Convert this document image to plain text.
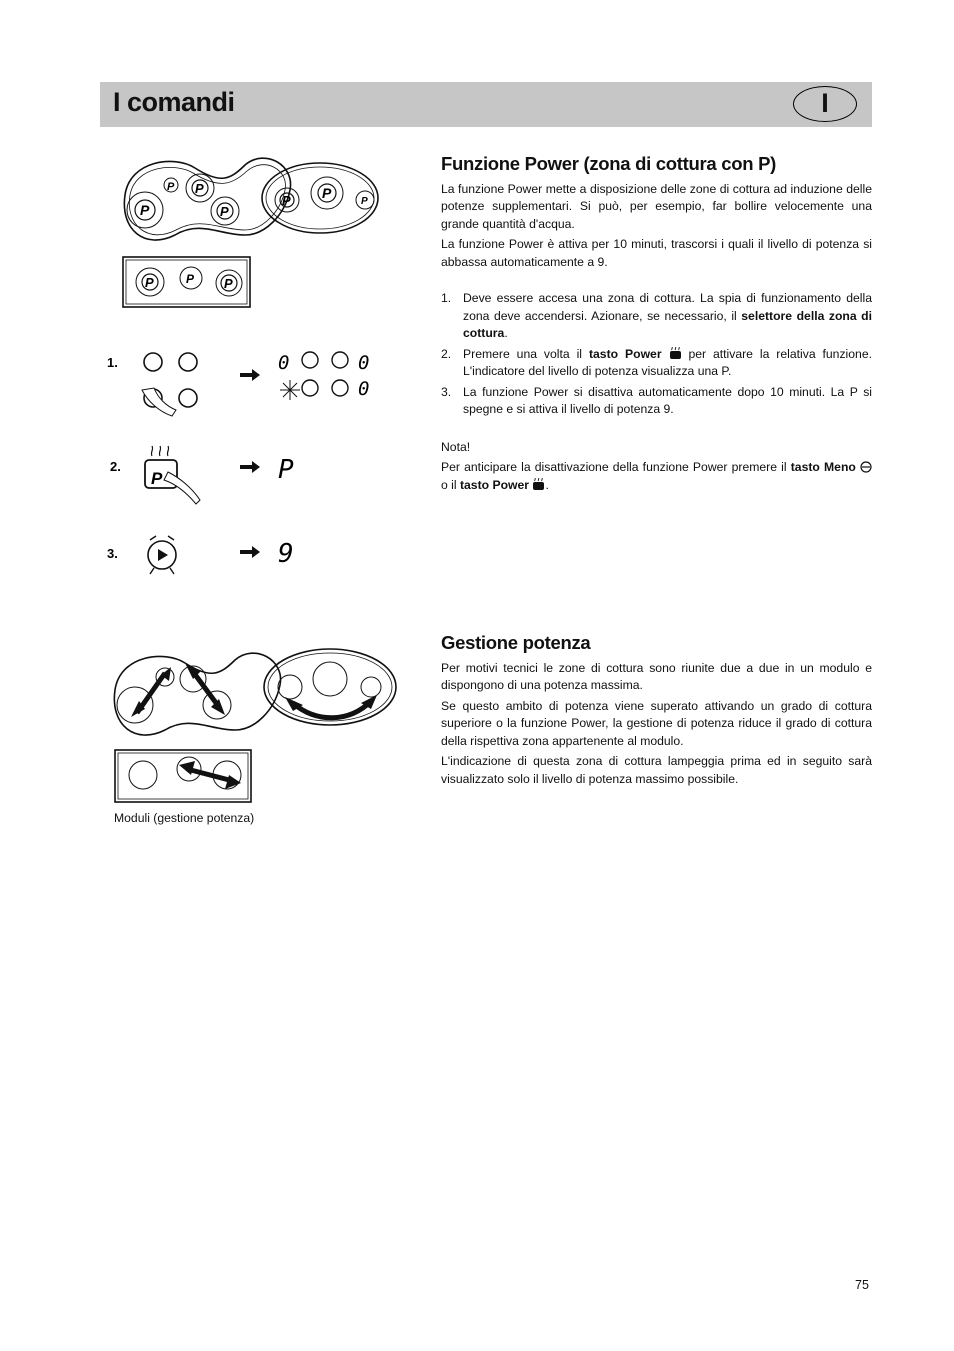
I comandi	I
P
P P
P
P P
P
P	P P
1.	0	0
0
2.
P	P
3.	9
Moduli (gestione potenza)
Funzione Power (zona di cottura con P)

La funzione Power mette a disposizione delle zone di cottura ad induzione delle potenze supplementari. Si può, per esempio, far bollire velocemente una grande quantità d'acqua.

La funzione Power è attiva per 10 minuti, trascorsi i quali il livello di potenza si abbassa automaticamente a 9.

1. Deve essere accesa una zona di cottura. La spia di funzionamento della zona deve accendersi. Azionare, se necessario, il selettore della zona di cottura.
2. Premere una volta il tasto Power  per attivare la relativa funzione. L'indicatore del livello di potenza visualizza una P.
3. La funzione Power si disattiva automaticamente dopo 10 minuti. La P si spegne e si attiva il livello di potenza 9.

Nota!

Per anticipare la disattivazione della funzione Power premere il tasto Meno  o il tasto Power .

Gestione potenza

Per motivi tecnici le zone di cottura sono riunite due a due in un modulo e dispongono di una potenza massima.

Se questo ambito di potenza viene superato attivando un grado di cottura superiore o la funzione Power, la gestione di potenza riduce il grado di cottura della rispettiva zona appartenente al modulo.

L'indicazione di questa zona di cottura lampeggia prima ed in seguito sarà visualizzato solo il livello di potenza massimo possibile.

75
